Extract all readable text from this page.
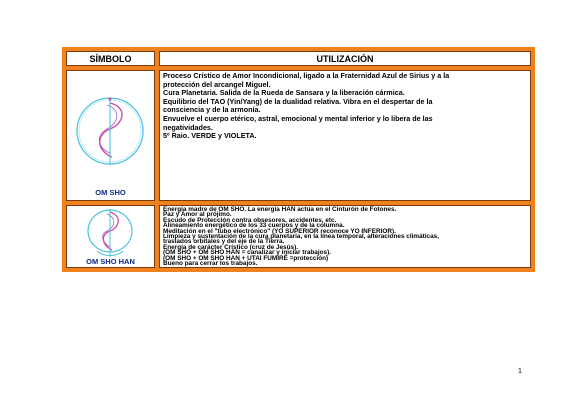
SÍMBOLO	UTILIZACIÓN
OM SHO
Proceso Crístico de Amor Incondicional, ligado a la Fraternidad Azul de Sirius y a la
protección del arcangel Miguel.
Cura Planetaria. Salida de la Rueda de Sansara y la liberación cármica.
Equilibrio del TAO (Yin/Yang) de la dualidad relativa. Vibra en el despertar de la
consciencia y de la armonía.
Envuelve el cuerpo etérico, astral, emocional y mental inferior y lo libera de las
negatividades.
5º Raio. VERDE y VIOLETA.
OM SHO HAN
Energía madre de OM SHO. La energía HAN actúa en el Cinturón de Fotones.
Paz y Amor al prójimo.
Escudo de Protección contra obsesores, accidentes, etc.
Alineamiento energético de los 33 cuerpos y de la columna.
Meditación en el "tubo electrónico" (YO SUPERIOR reconoce YO INFERIOR).
Limpieza y sustentación de la cura planetaria, en la línea temporal, alteraciones climáticas,
traslados orbitales y del eje de la Tierra.
Energía de carácter Crístico (cruz de Jesús).
(OM SHO + OM SHO HAN = canalizar y iniciar trabajos).
(OM SHO + OM SHO HAN + UTAI FUMIRÊ =protección)
Bueno para cerrar los trabajos.
1
